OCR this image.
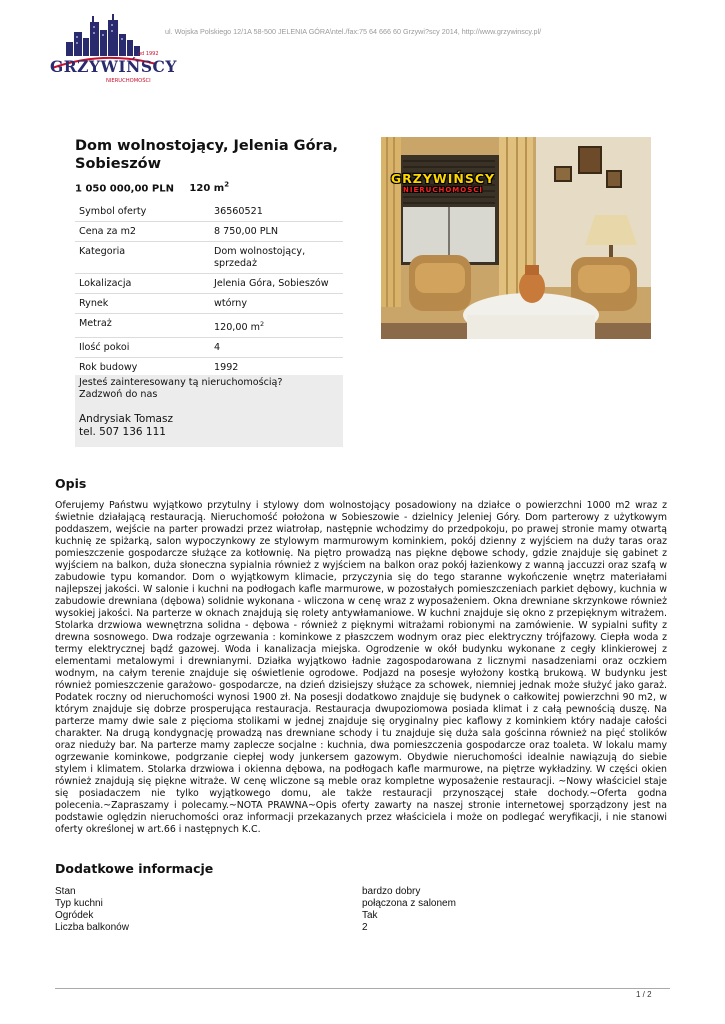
ul. Wojska Polskiego 12/1A 58-500 JELENIA GÓRA\ntel./fax:75 64 666 60 Grzywi?scy 2014, http://www.grzywinscy.pl/
GRZYWIŃSCY
od 1992
NIERUCHOMOŚCI
Dom wolnostojący, Jelenia Góra, Sobieszów
1 050 000,00 PLN 120 $m^2$
Symbol oferty	36560521
Cena za m2	8 750,00 PLN
Kategoria	Dom wolnostojący, sprzedaż
Lokalizacja	Jelenia Góra, Sobieszów
Rynek	wtórny
Metraż	120,00 $m^2$
Ilość pokoi	4
Rok budowy	1992
Jesteś zainteresowany tą nieruchomością?
Zadzwoń do nas
Andrysiak Tomasz
tel. 507 136 111
GRZYWIŃSCY
NIERUCHOMOŚCI
Opis
Oferujemy Państwu wyjątkowo przytulny i stylowy dom wolnostojący posadowiony na działce o powierzchni 1000 m2 wraz z świetnie działającą restauracją. Nieruchomość położona w Sobieszowie - dzielnicy Jeleniej Góry. Dom parterowy z użytkowym poddaszem, wejście na parter prowadzi przez wiatrołap, następnie wchodzimy do przedpokoju, po prawej stronie mamy otwartą kuchnię ze spiżarką, salon wypoczynkowy ze stylowym marmurowym kominkiem, pokój dzienny z wyjściem na duży taras oraz pomieszczenie gospodarcze służące za kotłownię. Na piętro prowadzą nas piękne dębowe schody, gdzie znajduje się gabinet z wyjściem na balkon, duża słoneczna sypialnia również z wyjściem na balkon oraz pokój łazienkowy z wanną jaccuzzi oraz szafą w zabudowie typu komandor. Dom o wyjątkowym klimacie, przyczynia się do tego staranne wykończenie wnętrz materiałami najlepszej jakości. W salonie i kuchni na podłogach kafle marmurowe, w pozostałych pomieszczeniach parkiet dębowy, kuchnia w zabudowie drewniana (dębowa) solidnie wykonana - wliczona w cenę wraz z wyposażeniem. Okna drewniane skrzynkowe również wysokiej jakości. Na parterze w oknach znajdują się rolety antywłamaniowe. W kuchni znajduje się okno z przepięknym witrażem. Stolarka drzwiowa wewnętrzna solidna - dębowa - również z pięknymi witrażami robionymi na zamówienie. W sypialni sufity z drewna sosnowego. Dwa rodzaje ogrzewania : kominkowe z płaszczem wodnym oraz piec elektryczny trójfazowy. Ciepła woda z termy elektrycznej bądź gazowej. Woda i kanalizacja miejska. Ogrodzenie w okół budynku wykonane z cegły klinkierowej z elementami metalowymi i drewnianymi. Działka wyjątkowo ładnie zagospodarowana z licznymi nasadzeniami oraz oczkiem wodnym, na całym terenie znajduje się oświetlenie ogrodowe. Podjazd na posesje wyłożony kostką brukową. W budynku jest również pomieszczenie garażowo- gospodarcze, na dzień dzisiejszy służące za schowek, niemniej jednak może służyć jako garaż. Podatek roczny od nieruchomości wynosi 1900 zł. Na posesji dodatkowo znajduje się budynek o całkowitej powierzchni 90 m2, w którym znajduje się dobrze prosperująca restauracja. Restauracja dwupoziomowa posiada klimat i z całą pewnością duszę. Na parterze mamy dwie sale z pięcioma stolikami w jednej znajduje się oryginalny piec kaflowy z kominkiem który nadaje całości charakter. Na drugą kondygnację prowadzą nas drewniane schody i tu znajduje się duża sala gościnna również na pięć stolików oraz nieduży bar. Na parterze mamy zaplecze socjalne : kuchnia, dwa pomieszczenia gospodarcze oraz toaleta. W lokalu mamy ogrzewanie kominkowe, podgrzanie ciepłej wody junkersem gazowym. Obydwie nieruchomości idealnie nawiązują do siebie stylem i klimatem. Stolarka drzwiowa i okienna dębowa, na podłogach kafle marmurowe, na piętrze wykładziny. W części okien również znajdują się piękne witraże. W cenę wliczone są meble oraz kompletne wyposażenie restauracji. ~Nowy właściciel staje się posiadaczem nie tylko wyjątkowego domu, ale także restauracji przynoszącej stałe dochody.~Oferta godna polecenia.~Zapraszamy i polecamy.~NOTA PRAWNA~Opis oferty zawarty na naszej stronie internetowej sporządzony jest na podstawie oględzin nieruchomości oraz informacji przekazanych przez właściciela i może on podlegać weryfikacji, i nie stanowi oferty określonej w art.66 i następnych K.C.
Dodatkowe informacje
Stan	bardzo dobry
Typ kuchni	połączona z salonem
Ogródek	Tak
Liczba balkonów	2
1 / 2
